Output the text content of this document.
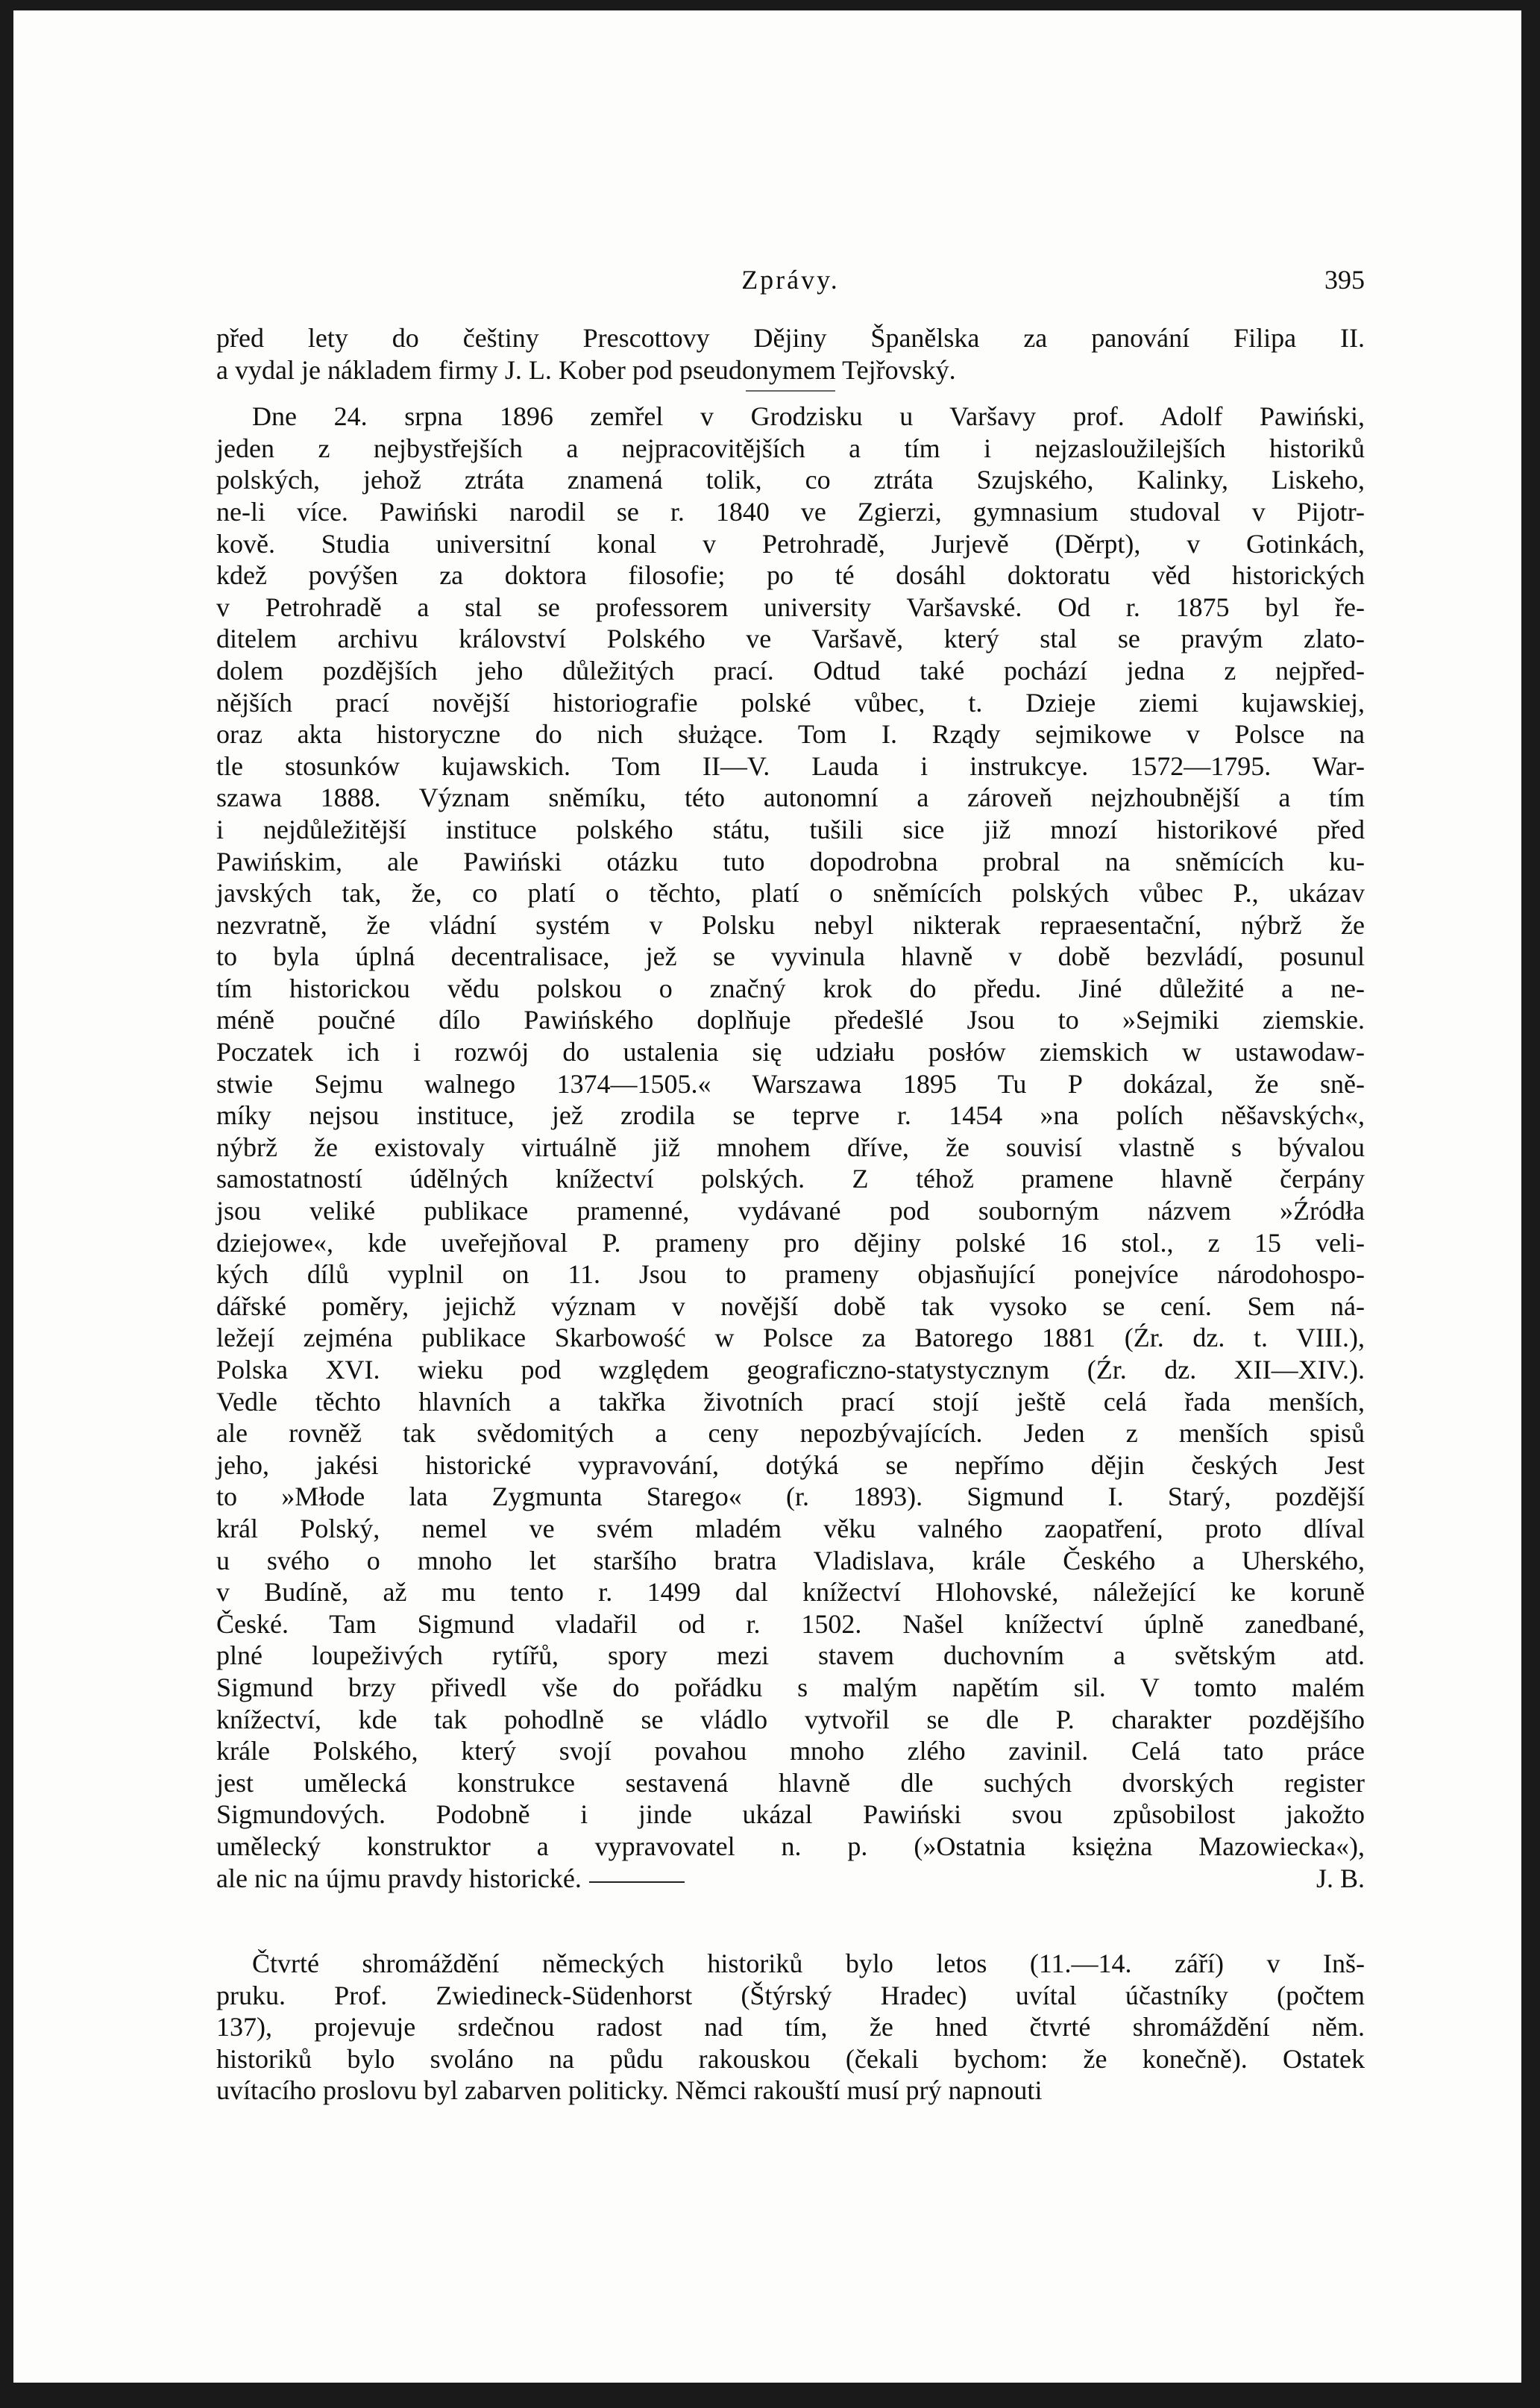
Zprávy.	395
před lety do češtiny Prescottovy Dějiny Španělska za panování Filipa II.
a vydal je nákladem firmy J. L. Kober pod pseudonymem Tejřovský.
Dne 24. srpna 1896 zemřel v Grodzisku u Varšavy prof. Adolf Pawiński,
jeden z nejbystřejších a nejpracovitějších a tím i nejzasloužilejších historiků
polských, jehož ztráta znamená tolik, co ztráta Szujského, Kalinky, Liskeho,
ne-li více. Pawiński narodil se r. 1840 ve Zgierzi, gymnasium studoval v Pijotr-
kově. Studia universitní konal v Petrohradě, Jurjevě (Děrpt), v Gotinkách,
kdež povýšen za doktora filosofie; po té dosáhl doktoratu věd historických
v Petrohradě a stal se professorem university Varšavské. Od r. 1875 byl ře-
ditelem archivu království Polského ve Varšavě, který stal se pravým zlato-
dolem pozdějších jeho důležitých prací. Odtud také pochází jedna z nejpřed-
nějších prací novější historiografie polské vůbec, t. Dzieje ziemi kujawskiej,
oraz akta historyczne do nich służące. Tom I. Rządy sejmikowe v Polsce na
tle stosunków kujawskich. Tom II—V. Lauda i instrukcye. 1572—1795. War-
szawa 1888. Význam sněmíku, této autonomní a zároveň nejzhoubnější a tím
i nejdůležitější instituce polského státu, tušili sice již mnozí historikové před
Pawińskim, ale Pawiński otázku tuto dopodrobna probral na sněmících ku-
javských tak, že, co platí o těchto, platí o sněmících polských vůbec P., ukázav
nezvratně, že vládní systém v Polsku nebyl nikterak repraesentační, nýbrž že
to byla úplná decentralisace, jež se vyvinula hlavně v době bezvládí, posunul
tím historickou vědu polskou o značný krok do předu. Jiné důležité a ne-
méně poučné dílo Pawińského doplňuje předešlé Jsou to »Sejmiki ziemskie.
Poczatek ich i rozwój do ustalenia się udziału posłów ziemskich w ustawodaw-
stwie Sejmu walnego 1374—1505.« Warszawa 1895 Tu P dokázal, že sně-
míky nejsou instituce, jež zrodila se teprve r. 1454 »na polích něšavských«,
nýbrž že existovaly virtuálně již mnohem dříve, že souvisí vlastně s bývalou
samostatností údělných knížectví polských. Z téhož pramene hlavně čerpány
jsou veliké publikace pramenné, vydávané pod souborným názvem »Źródła
dziejowe«, kde uveřejňoval P. prameny pro dějiny polské 16 stol., z 15 veli-
kých dílů vyplnil on 11. Jsou to prameny objasňující ponejvíce národohospo-
dářské poměry, jejichž význam v novější době tak vysoko se cení. Sem ná-
ležejí zejména publikace Skarbowość w Polsce za Batorego 1881 (Źr. dz. t. VIII.),
Polska XVI. wieku pod względem geograficzno-statystycznym (Źr. dz. XII—XIV.).
Vedle těchto hlavních a takřka životních prací stojí ještě celá řada menších,
ale rovněž tak svědomitých a ceny nepozbývajících. Jeden z menších spisů
jeho, jakési historické vypravování, dotýká se nepřímo dějin českých Jest
to »Młode lata Zygmunta Starego« (r. 1893). Sigmund I. Starý, pozdější
král Polský, nemel ve svém mladém věku valného zaopatření, proto dlíval
u svého o mnoho let staršího bratra Vladislava, krále Českého a Uherského,
v Budíně, až mu tento r. 1499 dal knížectví Hlohovské, náležející ke koruně
České. Tam Sigmund vladařil od r. 1502. Našel knížectví úplně zanedbané,
plné loupeživých rytířů, spory mezi stavem duchovním a světským atd.
Sigmund brzy přivedl vše do pořádku s malým napětím sil. V tomto malém
knížectví, kde tak pohodlně se vládlo vytvořil se dle P. charakter pozdějšího
krále Polského, který svojí povahou mnoho zlého zavinil. Celá tato práce
jest umělecká konstrukce sestavená hlavně dle suchých dvorských register
Sigmundových. Podobně i jinde ukázal Pawiński svou způsobilost jakožto
umělecký konstruktor a vypravovatel n. p. (»Ostatnia księżna Mazowiecka«),
ale nic na újmu pravdy historické.	J. B.
Čtvrté shromáždění německých historiků bylo letos (11.—14. září) v Inš-
pruku. Prof. Zwiedineck-Südenhorst (Štýrský Hradec) uvítal účastníky (počtem
137), projevuje srdečnou radost nad tím, že hned čtvrté shromáždění něm.
historiků bylo svoláno na půdu rakouskou (čekali bychom: že konečně). Ostatek
uvítacího proslovu byl zabarven politicky. Němci rakouští musí prý napnouti
